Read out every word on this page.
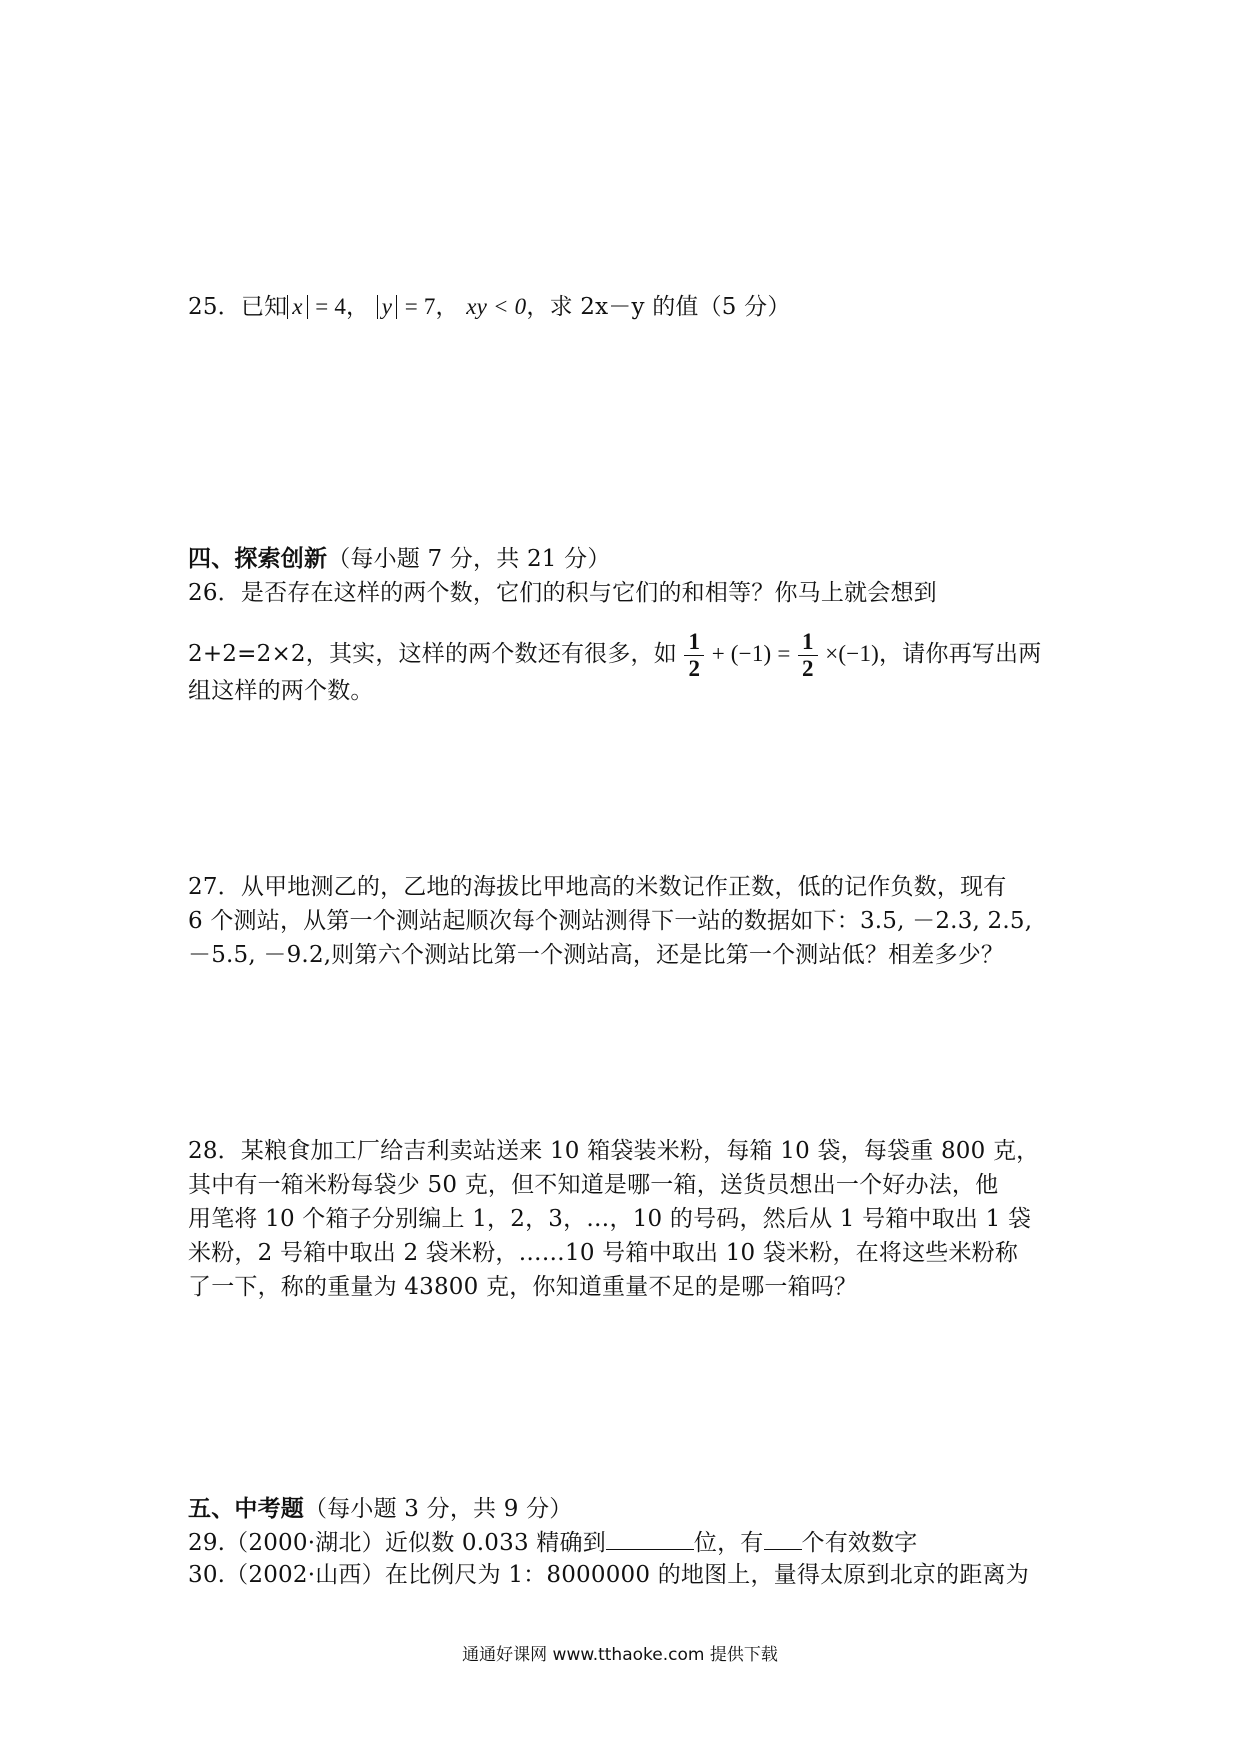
25．已知 x = 4， y = 7， xy < 0，求 2x－y 的值（5 分）
四、探索创新（每小题 7 分，共 21 分）
26．是否存在这样的两个数，它们的积与它们的和相等？你马上就会想到
2+2=2×2，其实，这样的两个数还有很多，如 $\frac{1}{2} + (-1) = \frac{1}{2} \times(-1)$，请你再写出两
组这样的两个数。
27．从甲地测乙的，乙地的海拔比甲地高的米数记作正数，低的记作负数，现有
6 个测站，从第一个测站起顺次每个测站测得下一站的数据如下：3.5, －2.3, 2.5,
－5.5, －9.2,则第六个测站比第一个测站高，还是比第一个测站低？相差多少？
28．某粮食加工厂给吉利卖站送来 10 箱袋装米粉，每箱 10 袋，每袋重 800 克，
其中有一箱米粉每袋少 50 克，但不知道是哪一箱，送货员想出一个好办法，他
用笔将 10 个箱子分别编上 1，2，3，…，10 的号码，然后从 1 号箱中取出 1 袋
米粉，2 号箱中取出 2 袋米粉，……10 号箱中取出 10 袋米粉，在将这些米粉称
了一下，称的重量为 43800 克，你知道重量不足的是哪一箱吗？
五、中考题（每小题 3 分，共 9 分）
29.（2000·湖北）近似数 0.033 精确到	位，有 个有效数字
30.（2002·山西）在比例尺为 1：8000000 的地图上，量得太原到北京的距离为
通通好课网 www.tthaoke.com 提供下载
